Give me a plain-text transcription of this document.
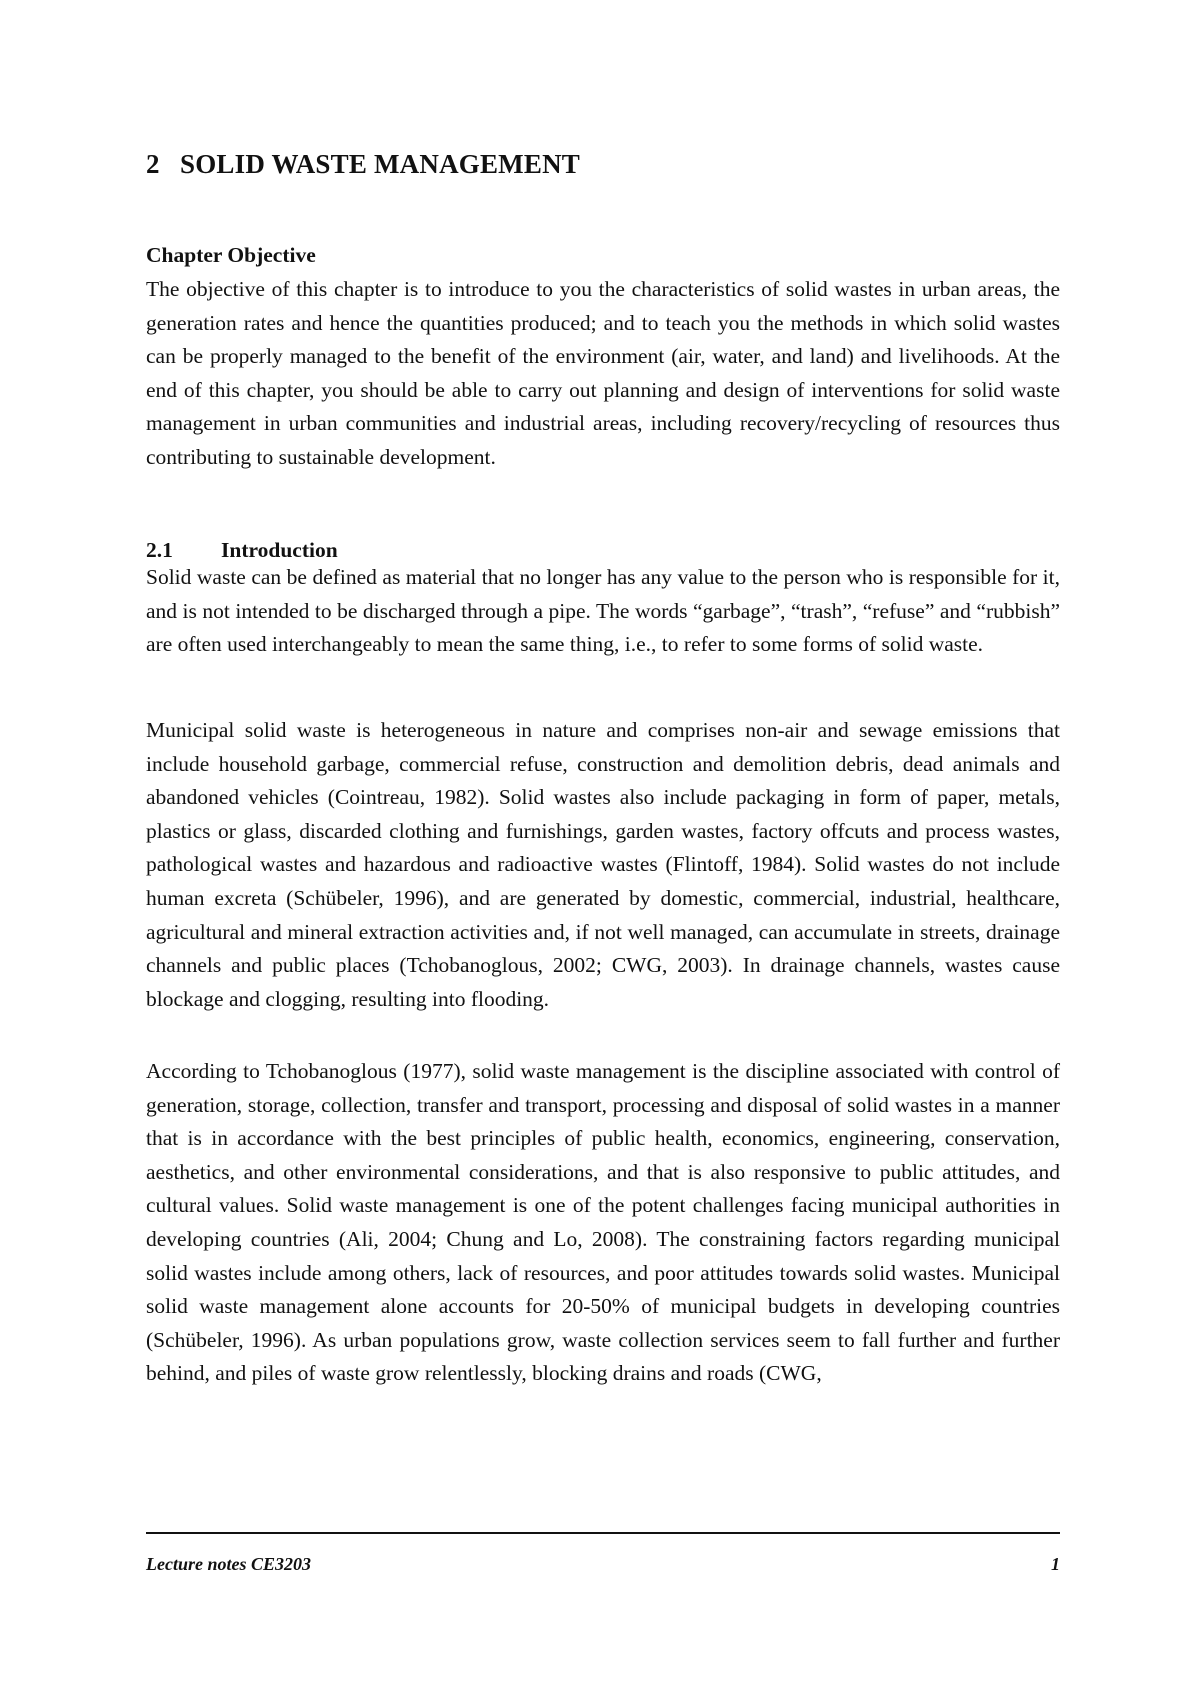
2 SOLID WASTE MANAGEMENT
Chapter Objective

The objective of this chapter is to introduce to you the characteristics of solid wastes in urban areas, the generation rates and hence the quantities produced; and to teach you the methods in which solid wastes can be properly managed to the benefit of the environment (air, water, and land) and livelihoods. At the end of this chapter, you should be able to carry out planning and design of interventions for solid waste management in urban communities and industrial areas, including recovery/recycling of resources thus contributing to sustainable development.

2.1 Introduction

Solid waste can be defined as material that no longer has any value to the person who is responsible for it, and is not intended to be discharged through a pipe. The words “garbage”, “trash”, “refuse” and “rubbish” are often used interchangeably to mean the same thing, i.e., to refer to some forms of solid waste.

Municipal solid waste is heterogeneous in nature and comprises non-air and sewage emissions that include household garbage, commercial refuse, construction and demolition debris, dead animals and abandoned vehicles (Cointreau, 1982). Solid wastes also include packaging in form of paper, metals, plastics or glass, discarded clothing and furnishings, garden wastes, factory offcuts and process wastes, pathological wastes and hazardous and radioactive wastes (Flintoff, 1984). Solid wastes do not include human excreta (Schübeler, 1996), and are generated by domestic, commercial, industrial, healthcare, agricultural and mineral extraction activities and, if not well managed, can accumulate in streets, drainage channels and public places (Tchobanoglous, 2002; CWG, 2003). In drainage channels, wastes cause blockage and clogging, resulting into flooding.

According to Tchobanoglous (1977), solid waste management is the discipline associated with control of generation, storage, collection, transfer and transport, processing and disposal of solid wastes in a manner that is in accordance with the best principles of public health, economics, engineering, conservation, aesthetics, and other environmental considerations, and that is also responsive to public attitudes, and cultural values. Solid waste management is one of the potent challenges facing municipal authorities in developing countries (Ali, 2004; Chung and Lo, 2008). The constraining factors regarding municipal solid wastes include among others, lack of resources, and poor attitudes towards solid wastes. Municipal solid waste management alone accounts for 20-50% of municipal budgets in developing countries (Schübeler, 1996). As urban populations grow, waste collection services seem to fall further and further behind, and piles of waste grow relentlessly, blocking drains and roads (CWG,

Lecture notes CE3203	1
